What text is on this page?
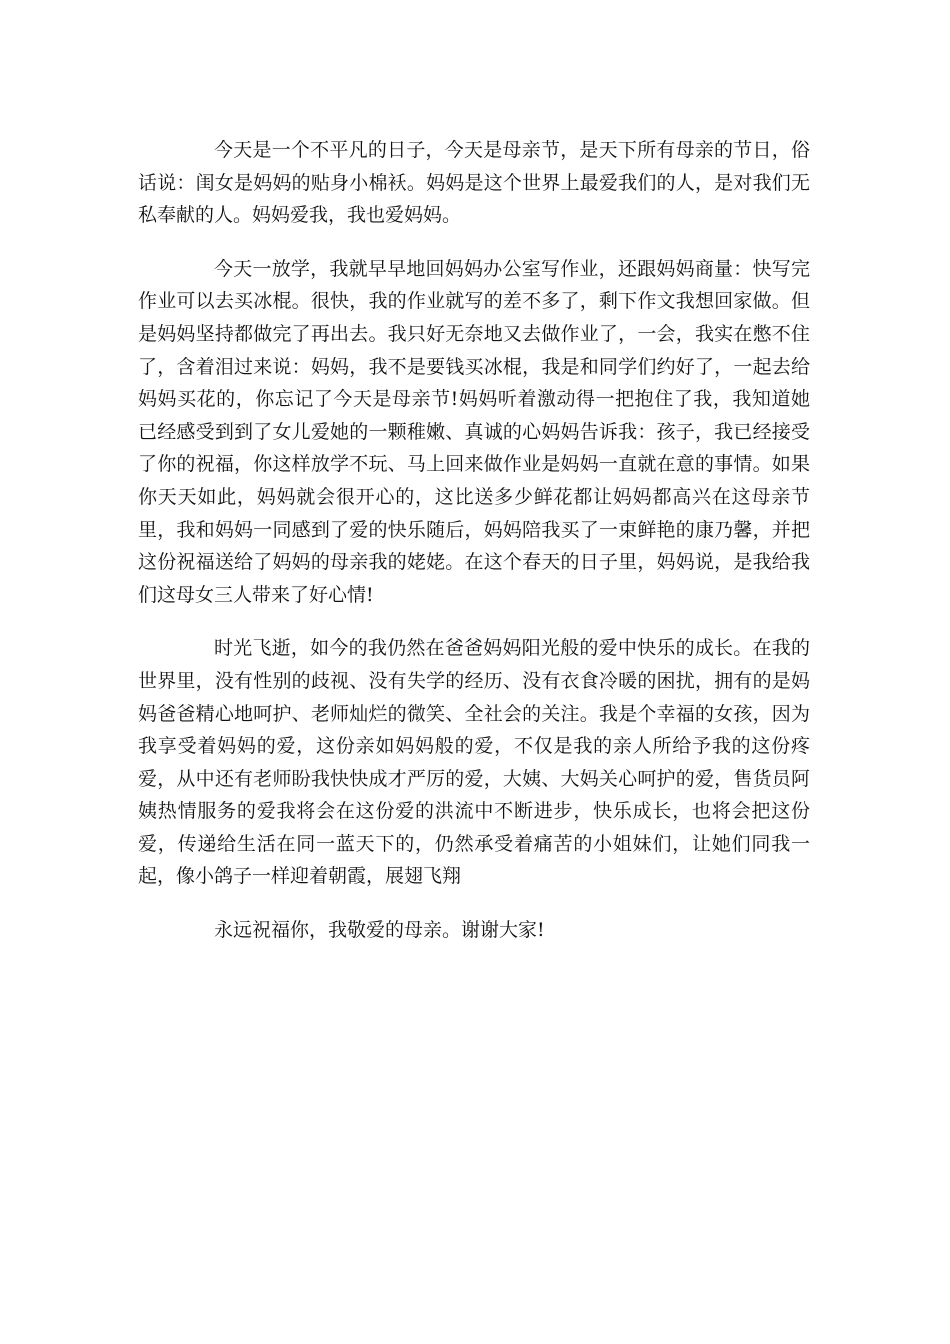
今天是一个不平凡的日子，今天是母亲节，是天下所有母亲的节日，俗话说：闺女是妈妈的贴身小棉袄。妈妈是这个世界上最爱我们的人，是对我们无私奉献的人。妈妈爱我，我也爱妈妈。

今天一放学，我就早早地回妈妈办公室写作业，还跟妈妈商量：快写完作业可以去买冰棍。很快，我的作业就写的差不多了，剩下作文我想回家做。但是妈妈坚持都做完了再出去。我只好无奈地又去做作业了，一会，我实在憋不住了，含着泪过来说：妈妈，我不是要钱买冰棍，我是和同学们约好了，一起去给妈妈买花的，你忘记了今天是母亲节!妈妈听着激动得一把抱住了我，我知道她已经感受到到了女儿爱她的一颗稚嫩、真诚的心妈妈告诉我：孩子，我已经接受了你的祝福，你这样放学不玩、马上回来做作业是妈妈一直就在意的事情。如果你天天如此，妈妈就会很开心的，这比送多少鲜花都让妈妈都高兴在这母亲节里，我和妈妈一同感到了爱的快乐随后，妈妈陪我买了一束鲜艳的康乃馨，并把这份祝福送给了妈妈的母亲我的姥姥。在这个春天的日子里，妈妈说，是我给我们这母女三人带来了好心情!

时光飞逝，如今的我仍然在爸爸妈妈阳光般的爱中快乐的成长。在我的世界里，没有性别的歧视、没有失学的经历、没有衣食冷暖的困扰，拥有的是妈妈爸爸精心地呵护、老师灿烂的微笑、全社会的关注。我是个幸福的女孩，因为我享受着妈妈的爱，这份亲如妈妈般的爱，不仅是我的亲人所给予我的这份疼爱，从中还有老师盼我快快成才严厉的爱，大姨、大妈关心呵护的爱，售货员阿姨热情服务的爱我将会在这份爱的洪流中不断进步，快乐成长，也将会把这份爱，传递给生活在同一蓝天下的，仍然承受着痛苦的小姐妹们，让她们同我一起，像小鸽子一样迎着朝霞，展翅飞翔

永远祝福你，我敬爱的母亲。谢谢大家!
